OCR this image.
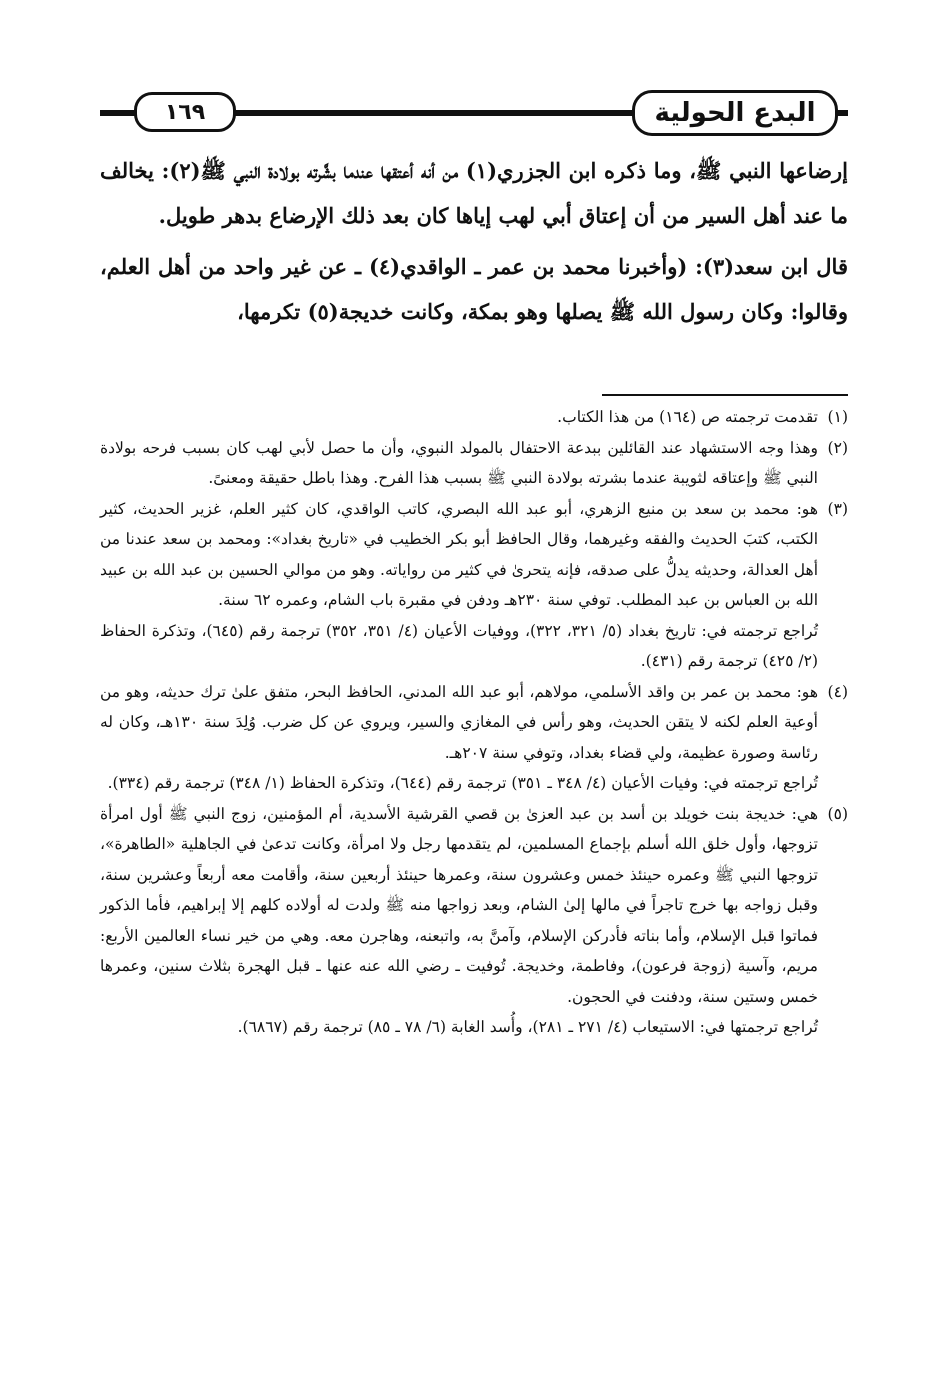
البدع الحولية
١٦٩

إرضاعها النبي ﷺ، وما ذكره ابن الجزري(١) من أنه أعتقها عندما بشَّرته بولادة النبي ﷺ(٢): يخالف ما عند أهل السير من أن إعتاق أبي لهب إياها كان بعد ذلك الإرضاع بدهر طويل.

قال ابن سعد(٣): (وأخبرنا محمد بن عمر ـ الواقدي(٤) ـ عن غير واحد من أهل العلم، وقالوا: وكان رسول الله ﷺ يصلها وهو بمكة، وكانت خديجة(٥) تكرمها،

(١)
تقدمت ترجمته ص (١٦٤) من هذا الكتاب.

(٢)
وهذا وجه الاستشهاد عند القائلين ببدعة الاحتفال بالمولد النبوي، وأن ما حصل لأبي لهب كان بسبب فرحه بولادة النبي ﷺ وإعتاقه لثويبة عندما بشرته بولادة النبي ﷺ بسبب هذا الفرح. وهذا باطل حقيقة ومعنىً.

(٣)
هو: محمد بن سعد بن منيع الزهري، أبو عبد الله البصري، كاتب الواقدي، كان كثير العلم، غزير الحديث، كثير الكتب، كتبَ الحديث والفقه وغيرهما، وقال الحافظ أبو بكر الخطيب في «تاريخ بغداد»: ومحمد بن سعد عندنا من أهل العدالة، وحديثه يدلُّ على صدقه، فإنه يتحرىٰ في كثير من رواياته. وهو من موالي الحسين بن عبد الله بن عبيد الله بن العباس بن عبد المطلب. توفي سنة ٢٣٠هـ ودفن في مقبرة باب الشام، وعمره ٦٢ سنة.

تُراجع ترجمته في: تاريخ بغداد (٥/ ٣٢١، ٣٢٢)، ووفيات الأعيان (٤/ ٣٥١، ٣٥٢) ترجمة رقم (٦٤٥)، وتذكرة الحفاظ (٢/ ٤٢٥) ترجمة رقم (٤٣١).

(٤)
هو: محمد بن عمر بن واقد الأسلمي، مولاهم، أبو عبد الله المدني، الحافظ البحر، متفق علىٰ ترك حديثه، وهو من أوعية العلم لكنه لا يتقن الحديث، وهو رأس في المغازي والسير، ويروي عن كل ضرب. وُلِدَ سنة ١٣٠هـ، وكان له رئاسة وصورة عظيمة، ولي قضاء بغداد، وتوفي سنة ٢٠٧هـ.

تُراجع ترجمته في: وفيات الأعيان (٤/ ٣٤٨ ـ ٣٥١) ترجمة رقم (٦٤٤)، وتذكرة الحفاظ (١/ ٣٤٨) ترجمة رقم (٣٣٤).

(٥)
هي: خديجة بنت خويلد بن أسد بن عبد العزىٰ بن قصي القرشية الأسدية، أم المؤمنين، زوج النبي ﷺ أول امرأة تزوجها، وأول خلق الله أسلم بإجماع المسلمين، لم يتقدمها رجل ولا امرأة، وكانت تدعىٰ في الجاهلية «الطاهرة»، تزوجها النبي ﷺ وعمره حينئذ خمس وعشرون سنة، وعمرها حينئذ أربعين سنة، وأقامت معه أربعاً وعشرين سنة، وقبل زواجه بها خرج تاجراً في مالها إلىٰ الشام، وبعد زواجها منه ﷺ ولدت له أولاده كلهم إلا إبراهيم، فأما الذكور فماتوا قبل الإسلام، وأما بناته فأدركن الإسلام، وآمنَّ به، واتبعنه، وهاجرن معه. وهي من خير نساء العالمين الأربع: مريم، وآسية (زوجة فرعون)، وفاطمة، وخديجة. تُوفيت ـ رضي الله عنه عنها ـ قبل الهجرة بثلاث سنين، وعمرها خمس وستين سنة، ودفنت في الحجون.

تُراجع ترجمتها في: الاستيعاب (٤/ ٢٧١ ـ ٢٨١)، وأُسد الغابة (٦/ ٧٨ ـ ٨٥) ترجمة رقم (٦٨٦٧).
